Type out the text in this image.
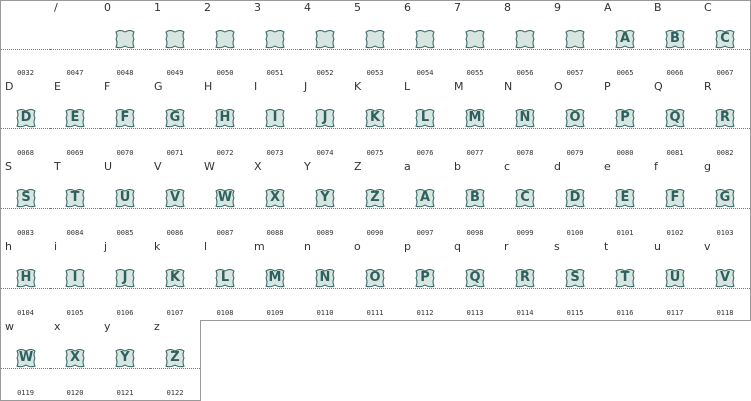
0032
/
0047
0
0048
1
0049
2
0050
3
0051
4
0052
5
0053
6
0054
7
0055
8
0056
9
0057
A
A
0065
B
B
0066
C
C
0067
D
D
0068
E
E
0069
F
F
0070
G
G
0071
H
H
0072
I
I
0073
J
J
0074
K
K
0075
L
L
0076
M
M
0077
N
N
0078
O
O
0079
P
P
0080
Q
Q
0081
R
R
0082
S
S
0083
T
T
0084
U
U
0085
V
V
0086
W
W
0087
X
X
0088
Y
Y
0089
Z
Z
0090
a
A
0097
b
B
0098
c
C
0099
d
D
0100
e
E
0101
f
F
0102
g
G
0103
h
H
0104
i
I
0105
j
J
0106
k
K
0107
l
L
0108
m
M
0109
n
N
0110
o
O
0111
p
P
0112
q
Q
0113
r
R
0114
s
S
0115
t
T
0116
u
U
0117
v
V
0118
w
W
0119
x
X
0120
y
Y
0121
z
Z
0122
